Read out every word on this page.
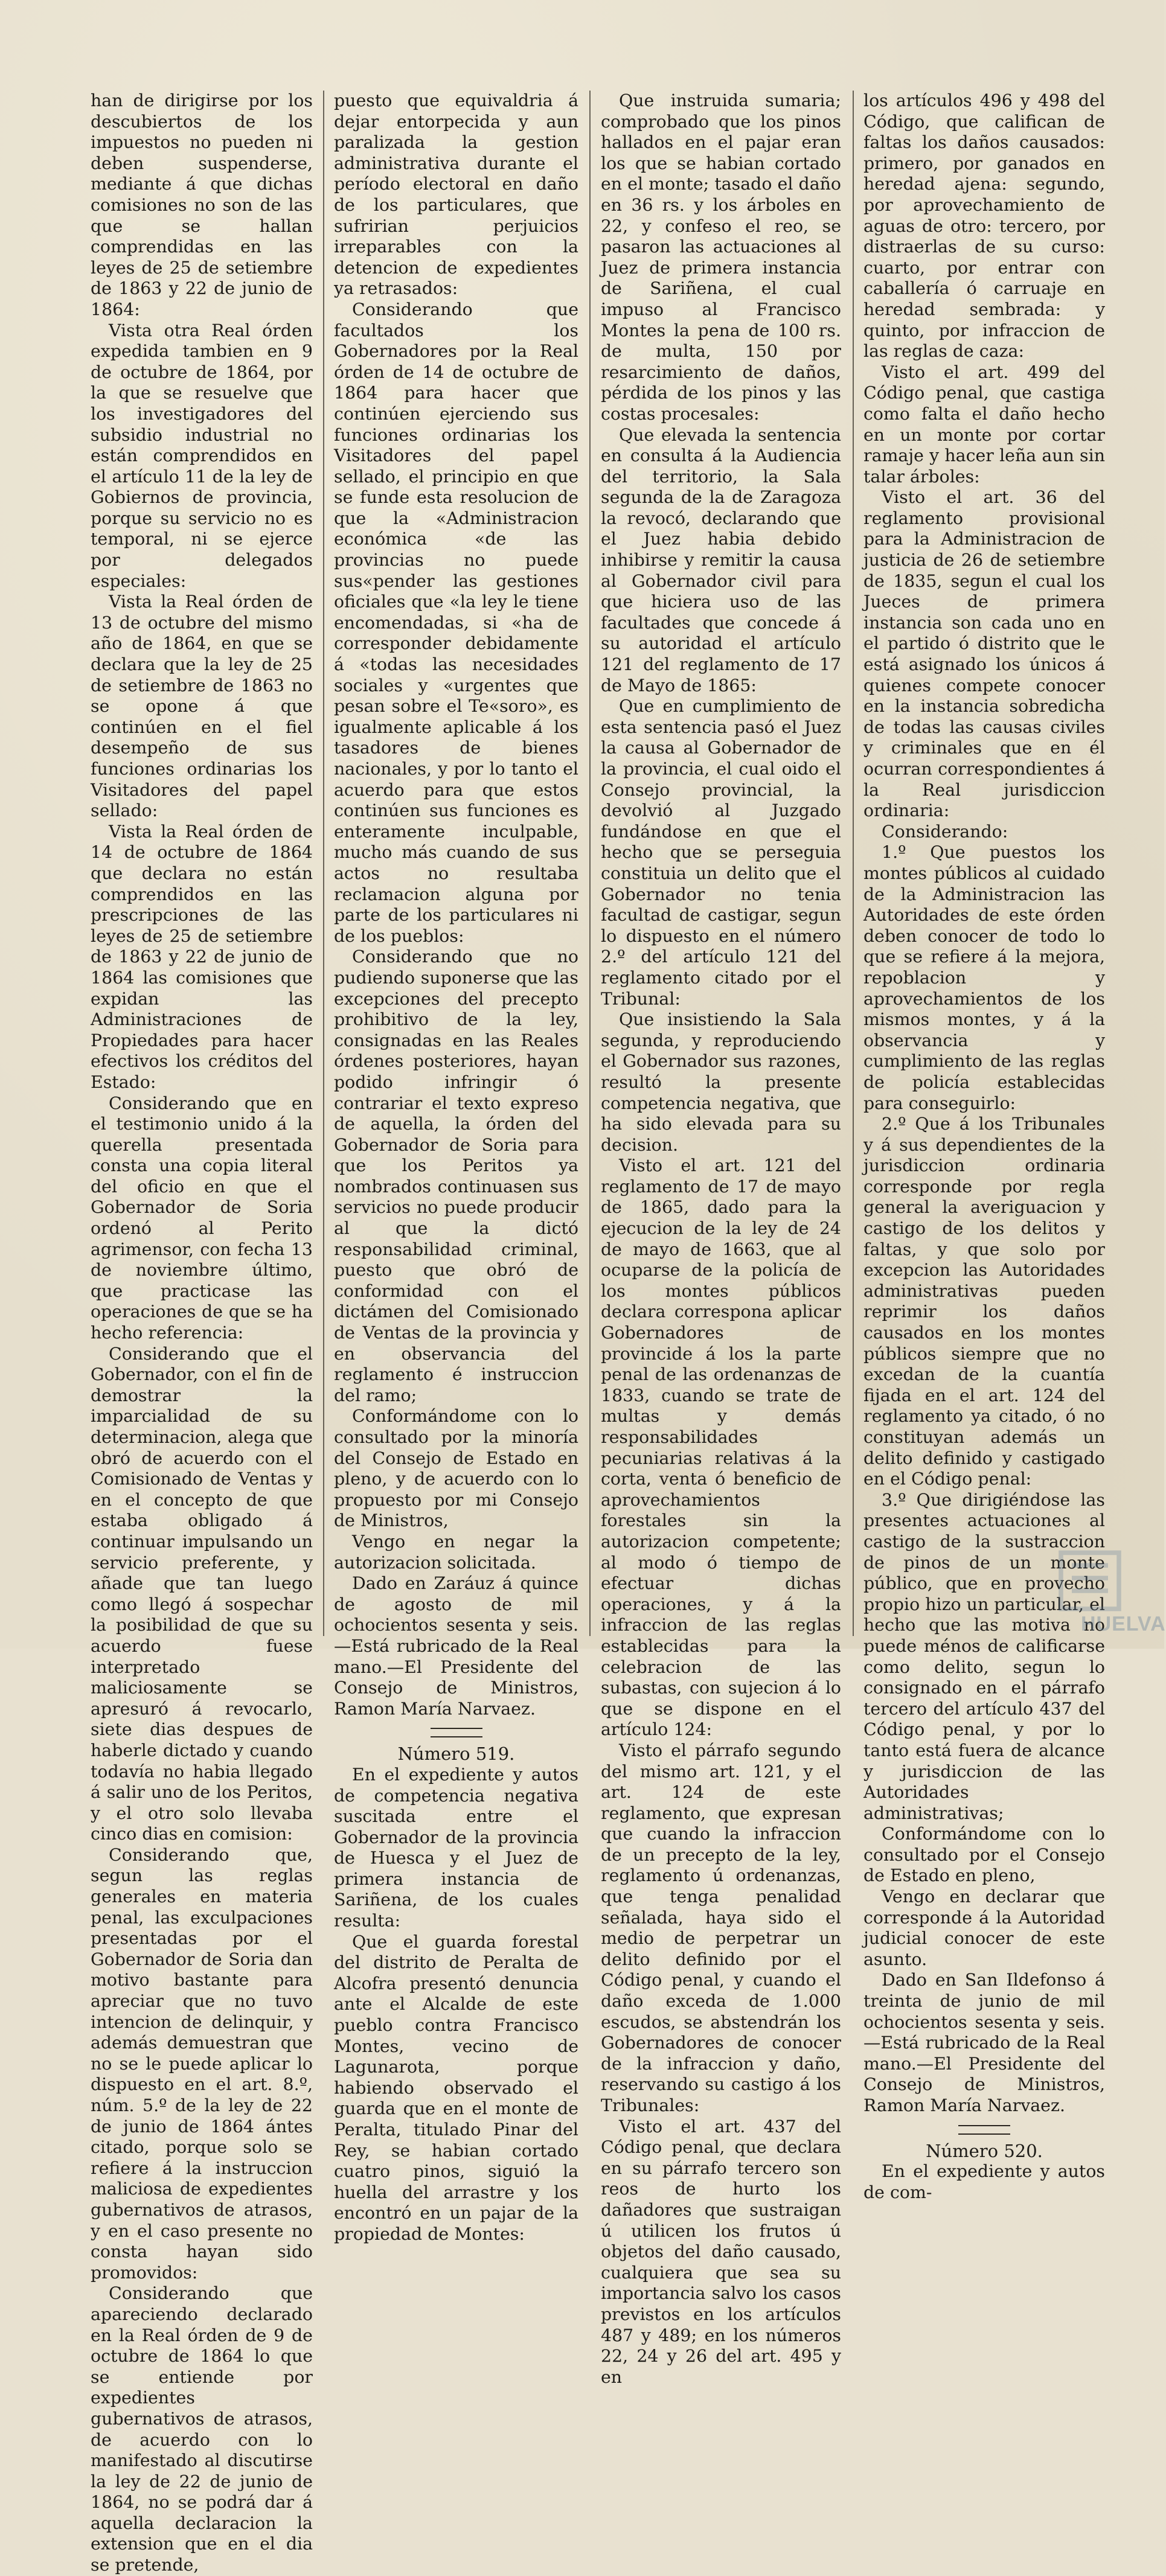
han de dirigirse por los descubiertos de los impuestos no pueden ni deben suspenderse, mediante á que dichas comisiones no son de las que se hallan comprendidas en las leyes de 25 de setiembre de 1863 y 22 de junio de 1864:

Vista otra Real órden expedida tambien en 9 de octubre de 1864, por la que se resuelve que los investigadores del subsidio industrial no están comprendidos en el artículo 11 de la ley de Gobiernos de provincia, porque su servicio no es temporal, ni se ejerce por delegados especiales:

Vista la Real órden de 13 de octubre del mismo año de 1864, en que se declara que la ley de 25 de setiembre de 1863 no se opone á que continúen en el fiel desempeño de sus funciones ordinarias los Visitadores del papel sellado:

Vista la Real órden de 14 de octubre de 1864 que declara no están comprendidos en las prescripciones de las leyes de 25 de setiembre de 1863 y 22 de junio de 1864 las comisiones que expidan las Administraciones de Propiedades para hacer efectivos los créditos del Estado:

Considerando que en el testimonio unido á la querella presentada consta una copia literal del oficio en que el Gobernador de Soria ordenó al Perito agrimensor, con fecha 13 de noviembre último, que practicase las operaciones de que se ha hecho referencia:

Considerando que el Gobernador, con el fin de demostrar la imparcialidad de su determinacion, alega que obró de acuerdo con el Comisionado de Ventas y en el concepto de que estaba obligado á continuar impulsando un servicio preferente, y añade que tan luego como llegó á sospechar la posibilidad de que su acuerdo fuese interpretado maliciosamente se apresuró á revocarlo, siete dias despues de haberle dictado y cuando todavía no habia llegado á salir uno de los Peritos, y el otro solo llevaba cinco dias en comision:

Considerando que, segun las reglas generales en materia penal, las exculpaciones presentadas por el Gobernador de Soria dan motivo bastante para apreciar que no tuvo intencion de delinquir, y además demuestran que no se le puede aplicar lo dispuesto en el art. 8.º, núm. 5.º de la ley de 22 de junio de 1864 ántes citado, porque solo se refiere á la instruccion maliciosa de expedientes gubernativos de atrasos, y en el caso presente no consta hayan sido promovidos:

Considerando que apareciendo declarado en la Real órden de 9 de octubre de 1864 lo que se entiende por expedientes gubernativos de atrasos, de acuerdo con lo manifestado al discutirse la ley de 22 de junio de 1864, no se podrá dar á aquella declaracion la extension que en el dia se pretende,

puesto que equivaldria á dejar entorpecida y aun paralizada la gestion administrativa durante el período electoral en daño de los particulares, que sufririan perjuicios irreparables con la detencion de expedientes ya retrasados:

Considerando que facultados los Gobernadores por la Real órden de 14 de octubre de 1864 para hacer que continúen ejerciendo sus funciones ordinarias los Visitadores del papel sellado, el principio en que se funde esta resolucion de que la «Administracion económica «de las provincias no puede sus«pender las gestiones oficiales que «la ley le tiene encomendadas, si «ha de corresponder debidamente á «todas las necesidades sociales y «urgentes que pesan sobre el Te«soro», es igualmente aplicable á los tasadores de bienes nacionales, y por lo tanto el acuerdo para que estos continúen sus funciones es enteramente inculpable, mucho más cuando de sus actos no resultaba reclamacion alguna por parte de los particulares ni de los pueblos:

Considerando que no pudiendo suponerse que las excepciones del precepto prohibitivo de la ley, consignadas en las Reales órdenes posteriores, hayan podido infringir ó contrariar el texto expreso de aquella, la órden del Gobernador de Soria para que los Peritos ya nombrados continuasen sus servicios no puede producir al que la dictó responsabilidad criminal, puesto que obró de conformidad con el dictámen del Comisionado de Ventas de la provincia y en observancia del reglamento é instruccion del ramo;

Conformándome con lo consultado por la minoría del Consejo de Estado en pleno, y de acuerdo con lo propuesto por mi Consejo de Ministros,

Vengo en negar la autorizacion solicitada.

Dado en Zaráuz á quince de agosto de mil ochocientos sesenta y seis.—Está rubricado de la Real mano.—El Presidente del Consejo de Ministros, Ramon María Narvaez.

Número 519.

En el expediente y autos de competencia negativa suscitada entre el Gobernador de la provincia de Huesca y el Juez de primera instancia de Sariñena, de los cuales resulta:

Que el guarda forestal del distrito de Peralta de Alcofra presentó denuncia ante el Alcalde de este pueblo contra Francisco Montes, vecino de Lagunarota, porque habiendo observado el guarda que en el monte de Peralta, titulado Pinar del Rey, se habian cortado cuatro pinos, siguió la huella del arrastre y los encontró en un pajar de la propiedad de Montes:

Que instruida sumaria; comprobado que los pinos hallados en el pajar eran los que se habian cortado en el monte; tasado el daño en 36 rs. y los árboles en 22, y confeso el reo, se pasaron las actuaciones al Juez de primera instancia de Sariñena, el cual impuso al Francisco Montes la pena de 100 rs. de multa, 150 por resarcimiento de daños, pérdida de los pinos y las costas procesales:

Que elevada la sentencia en consulta á la Audiencia del territorio, la Sala segunda de la de Zaragoza la revocó, declarando que el Juez habia debido inhibirse y remitir la causa al Gobernador civil para que hiciera uso de las facultades que concede á su autoridad el artículo 121 del reglamento de 17 de Mayo de 1865:

Que en cumplimiento de esta sentencia pasó el Juez la causa al Gobernador de la provincia, el cual oido el Consejo provincial, la devolvió al Juzgado fundándose en que el hecho que se perseguia constituia un delito que el Gobernador no tenia facultad de castigar, segun lo dispuesto en el número 2.º del artículo 121 del reglamento citado por el Tribunal:

Que insistiendo la Sala segunda, y reproduciendo el Gobernador sus razones, resultó la presente competencia negativa, que ha sido elevada para su decision.

Visto el art. 121 del reglamento de 17 de mayo de 1865, dado para la ejecucion de la ley de 24 de mayo de 1663, que al ocuparse de la policía de los montes públicos declara correspona aplicar Gobernadores de provincide á los la parte penal de las ordenanzas de 1833, cuando se trate de multas y demás responsabilidades pecuniarias relativas á la corta, venta ó beneficio de aprovechamientos forestales sin la autorizacion competente; al modo ó tiempo de efectuar dichas operaciones, y á la infraccion de las reglas establecidas para la celebracion de las subastas, con sujecion á lo que se dispone en el artículo 124:

Visto el párrafo segundo del mismo art. 121, y el art. 124 de este reglamento, que expresan que cuando la infraccion de un precepto de la ley, reglamento ú ordenanzas, que tenga penalidad señalada, haya sido el medio de perpetrar un delito definido por el Código penal, y cuando el daño exceda de 1.000 escudos, se abstendrán los Gobernadores de conocer de la infraccion y daño, reservando su castigo á los Tribunales:

Visto el art. 437 del Código penal, que declara en su párrafo tercero son reos de hurto los dañadores que sustraigan ú utilicen los frutos ú objetos del daño causado, cualquiera que sea su importancia salvo los casos previstos en los artículos 487 y 489; en los números 22, 24 y 26 del art. 495 y en

los artículos 496 y 498 del Código, que califican de faltas los daños causados: primero, por ganados en heredad ajena: segundo, por aprovechamiento de aguas de otro: tercero, por distraerlas de su curso: cuarto, por entrar con caballería ó carruaje en heredad sembrada: y quinto, por infraccion de las reglas de caza:

Visto el art. 499 del Código penal, que castiga como falta el daño hecho en un monte por cortar ramaje y hacer leña aun sin talar árboles:

Visto el art. 36 del reglamento provisional para la Administracion de justicia de 26 de setiembre de 1835, segun el cual los Jueces de primera instancia son cada uno en el partido ó distrito que le está asignado los únicos á quienes compete conocer en la instancia sobredicha de todas las causas civiles y criminales que en él ocurran correspondientes á la Real jurisdiccion ordinaria:

Considerando:

1.º Que puestos los montes públicos al cuidado de la Administracion las Autoridades de este órden deben conocer de todo lo que se refiere á la mejora, repoblacion y aprovechamientos de los mismos montes, y á la observancia y cumplimiento de las reglas de policía establecidas para conseguirlo:

2.º Que á los Tribunales y á sus dependientes de la jurisdiccion ordinaria corresponde por regla general la averiguacion y castigo de los delitos y faltas, y que solo por excepcion las Autoridades administrativas pueden reprimir los daños causados en los montes públicos siempre que no excedan de la cuantía fijada en el art. 124 del reglamento ya citado, ó no constituyan además un delito definido y castigado en el Código penal:

3.º Que dirigiéndose las presentes actuaciones al castigo de la sustraccion de pinos de un monte público, que en provecho propio hizo un particular, el hecho que las motiva no puede ménos de calificarse como delito, segun lo consignado en el párrafo tercero del artículo 437 del Código penal, y por lo tanto está fuera de alcance y jurisdiccion de las Autoridades administrativas;

Conformándome con lo consultado por el Consejo de Estado en pleno,

Vengo en declarar que corresponde á la Autoridad judicial conocer de este asunto.

Dado en San Ildefonso á treinta de junio de mil ochocientos sesenta y seis.—Está rubricado de la Real mano.—El Presidente del Consejo de Ministros, Ramon María Narvaez.

Número 520.

En el expediente y autos de com-

HUELVA
